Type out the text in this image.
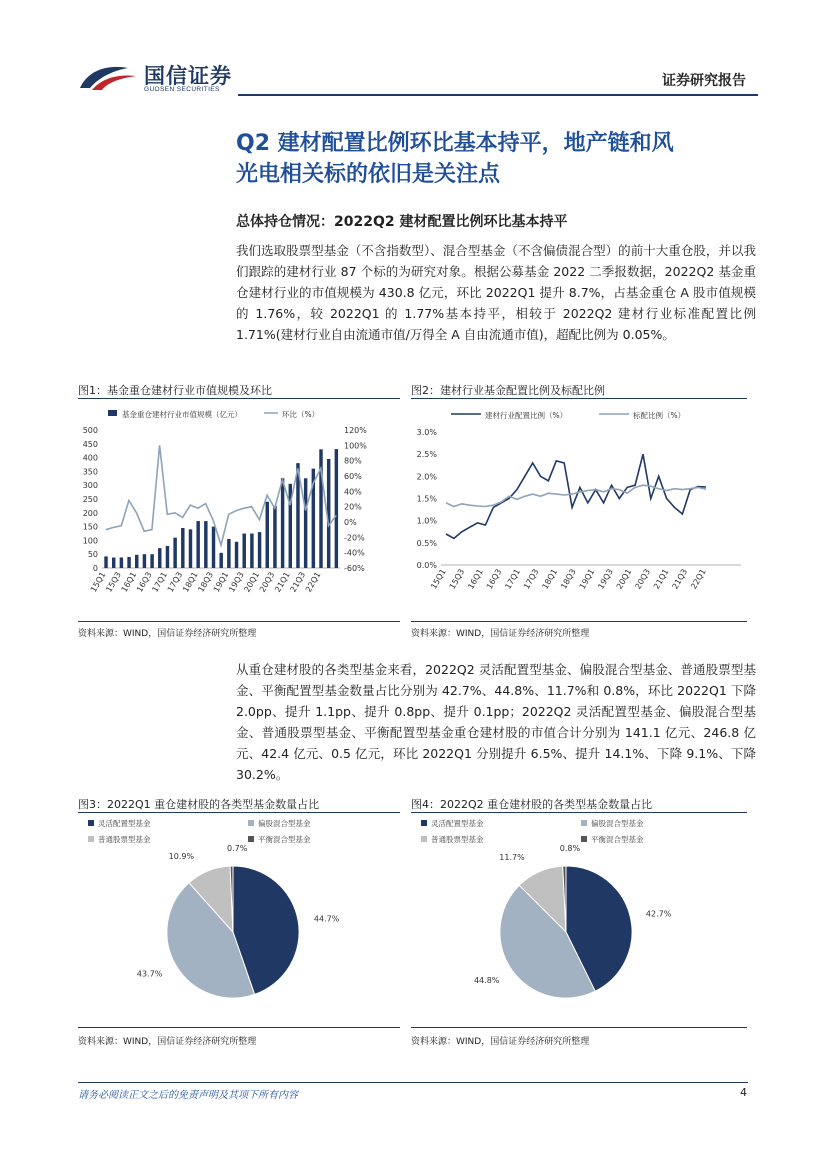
国信证券
GUOSEN SECURITIES
证券研究报告
Q2 建材配置比例环比基本持平，地产链和风
光电相关标的依旧是关注点
总体持仓情况：2022Q2 建材配置比例环比基本持平
我们选取股票型基金（不含指数型）、混合型基金（不含偏债混合型）的前十大重仓股，并以我们跟踪的建材行业 87 个标的为研究对象。根据公募基金 2022 二季报数据，2022Q2 基金重仓建材行业的市值规模为 430.8 亿元，环比 2022Q1 提升 8.7%，占基金重仓 A 股市值规模的 1.76%，较 2022Q1 的 1.77%基本持平，相较于 2022Q2 建材行业标准配置比例 1.71%(建材行业自由流通市值/万得全 A 自由流通市值)，超配比例为 0.05%。
图1：基金重仓建材行业市值规模及环比
基金重仓建材行业市值规模（亿元）	环比（%）
500
450
400
350
300
250
200
150
100
50
0
120%
100%
80%
60%
40%
20%
0%
-20%
-40%
-60%
15Q1
15Q3
16Q1
16Q3
17Q1
17Q3
18Q1
18Q3
19Q1
19Q3
20Q1
20Q3
21Q1
21Q3
22Q1
资料来源：WIND，国信证券经济研究所整理
图2：建材行业基金配置比例及标配比例
建材行业配置比例（%）	标配比例（%）
3.0%
2.5%
2.0%
1.5%
1.0%
0.5%
0.0%
15Q1 15Q3 16Q1 16Q3 17Q1 17Q3 18Q1 18Q3 19Q1 19Q3 20Q1 20Q3 21Q1 21Q3 22Q1
资料来源：WIND，国信证券经济研究所整理
从重仓建材股的各类型基金来看，2022Q2 灵活配置型基金、偏股混合型基金、普通股票型基金、平衡配置型基金数量占比分别为 42.7%、44.8%、11.7%和 0.8%，环比 2022Q1 下降 2.0pp、提升 1.1pp、提升 0.8pp、提升 0.1pp；2022Q2 灵活配置型基金、偏股混合型基金、普通股票型基金、平衡配置型基金重仓建材股的市值合计分别为 141.1 亿元、246.8 亿元、42.4 亿元、0.5 亿元，环比 2022Q1 分别提升 6.5%、提升 14.1%、下降 9.1%、下降 30.2%。
图3：2022Q1 重仓建材股的各类型基金数量占比
灵活配置型基金	偏股混合型基金
普通股票型基金	平衡混合型基金
44.7%
43.7%
10.9%
0.7%
资料来源：WIND，国信证券经济研究所整理
图4：2022Q2 重仓建材股的各类型基金数量占比
灵活配置型基金	偏股混合型基金
普通股票型基金	平衡混合型基金
42.7%
44.8%
11.7%
0.8%
资料来源：WIND，国信证券经济研究所整理
请务必阅读正文之后的免责声明及其项下所有内容	4
